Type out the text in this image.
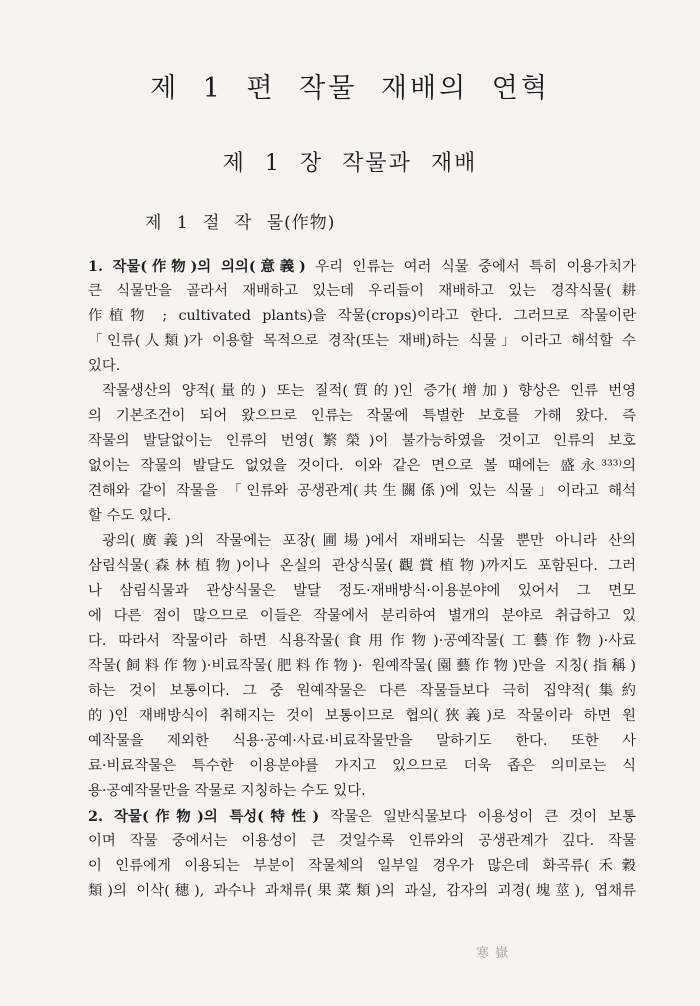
제 1 편 작물 재배의 연혁
제 1 장 작물과 재배
제 1 절 작 물(作物)
1. 작물(作物)의 의의(意義) 우리 인류는 여러 식물 중에서 특히 이용가치가
큰 식물만을 골라서 재배하고 있는데 우리들이 재배하고 있는 경작식물(耕
作植物 ; cultivated plants)을 작물(crops)이라고 한다. 그러므로 작물이란
「인류(人類)가 이용할 목적으로 경작(또는 재배)하는 식물」이라고 해석할 수
있다.
작물생산의 양적(量的) 또는 질적(質的)인 증가(增加) 향상은 인류 번영
의 기본조건이 되어 왔으므로 인류는 작물에 특별한 보호를 가해 왔다. 즉
작물의 발달없이는 인류의 번영(繁榮)이 불가능하였을 것이고 인류의 보호
없이는 작물의 발달도 없었을 것이다. 이와 같은 면으로 볼 때에는 盛永³³³⁾의
견해와 같이 작물을 「인류와 공생관계(共生關係)에 있는 식물」이라고 해석
할 수도 있다.
광의(廣義)의 작물에는 포장(圃場)에서 재배되는 식물 뿐만 아니라 산의
삼림식물(森林植物)이나 온실의 관상식물(觀賞植物)까지도 포함된다. 그러
나 삼림식물과 관상식물은 발달 정도·재배방식·이용분야에 있어서 그 면모
에 다른 점이 많으므로 이들은 작물에서 분리하여 별개의 분야로 취급하고 있
다. 따라서 작물이라 하면 식용작물(食用作物)·공예작물(工藝作物)·사료
작물(飼料作物)·비료작물(肥料作物)· 원예작물(園藝作物)만을 지칭(指稱)
하는 것이 보통이다. 그 중 원예작물은 다른 작물들보다 극히 집약적(集約
的)인 재배방식이 취해지는 것이 보통이므로 협의(狹義)로 작물이라 하면 원
예작물을 제외한 식용·공예·사료·비료작물만을 말하기도 한다. 또한 사
료·비료작물은 특수한 이용분야를 가지고 있으므로 더욱 좁은 의미로는 식
용·공예작물만을 작물로 지칭하는 수도 있다.
2. 작물(作物)의 특성(特性) 작물은 일반식물보다 이용성이 큰 것이 보통
이며 작물 중에서는 이용성이 큰 것일수록 인류와의 공생관계가 깊다. 작물
이 인류에게 이용되는 부분이 작물체의 일부일 경우가 많은데 화곡류(禾穀
類)의 이삭(穗), 과수나 과채류(果菜類)의 과실, 감자의 괴경(塊莖), 엽채류
寒 嶽
